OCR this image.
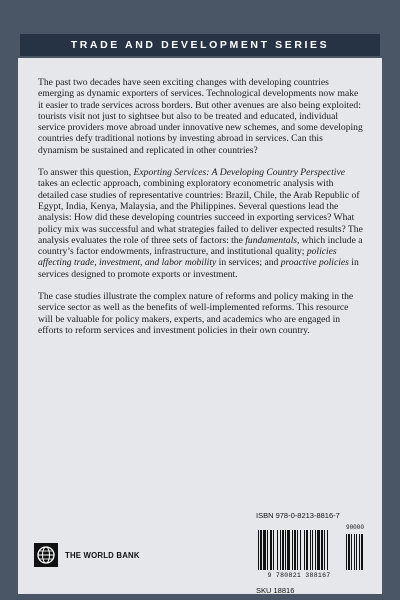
TRADE AND DEVELOPMENT SERIES

The past two decades have seen exciting changes with developing countries emerging as dynamic exporters of services. Technological developments now make it easier to trade services across borders. But other avenues are also being exploited: tourists visit not just to sightsee but also to be treated and educated, individual service providers move abroad under innovative new schemes, and some developing countries defy traditional notions by investing abroad in services. Can this dynamism be sustained and replicated in other countries?

To answer this question, Exporting Services: A Developing Country Perspective takes an eclectic approach, combining exploratory econometric analysis with detailed case studies of representative countries: Brazil, Chile, the Arab Republic of Egypt, India, Kenya, Malaysia, and the Philippines. Several questions lead the analysis: How did these developing countries succeed in exporting services? What policy mix was successful and what strategies failed to deliver expected results? The analysis evaluates the role of three sets of factors: the fundamentals, which include a country’s factor endowments, infrastructure, and institutional quality; policies affecting trade, investment, and labor mobility in services; and proactive policies in services designed to promote exports or investment.

The case studies illustrate the complex nature of reforms and policy making in the service sector as well as the benefits of well-implemented reforms. This resource will be valuable for policy makers, experts, and academics who are engaged in efforts to reform services and investment policies in their own country.

ISBN 978-0-8213-8816-7
9 780821 388167
90000
SKU 18816
THE WORLD BANK
